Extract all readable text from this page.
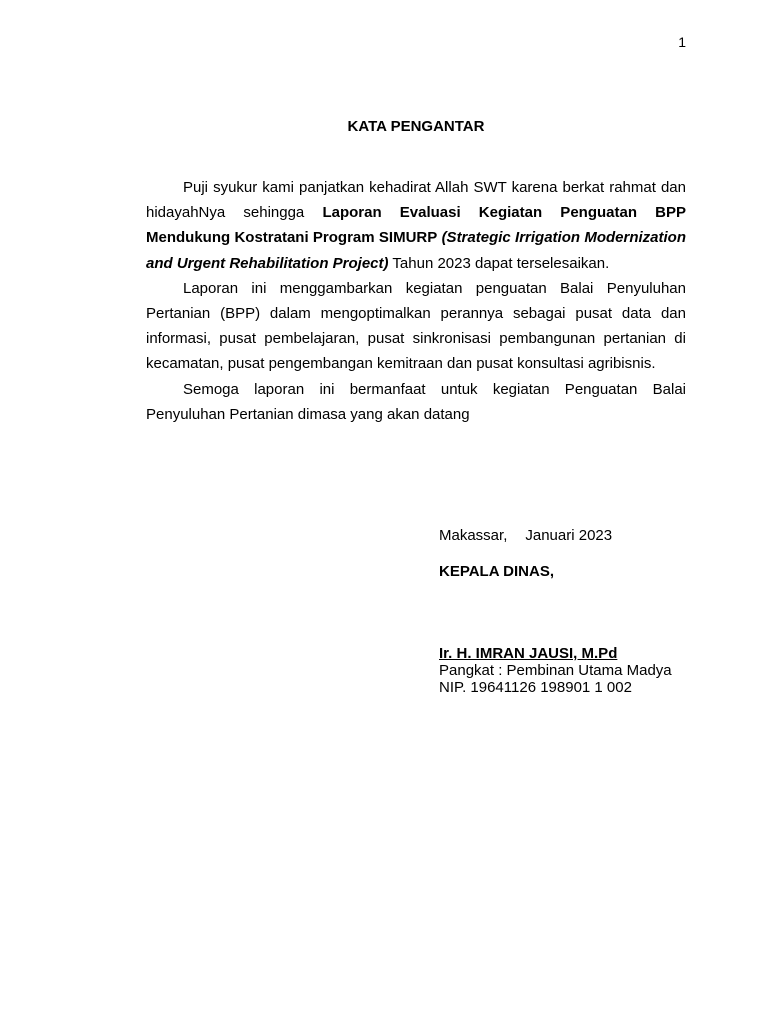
1
KATA PENGANTAR

Puji syukur kami panjatkan kehadirat Allah SWT karena berkat rahmat dan hidayahNya sehingga Laporan Evaluasi Kegiatan Penguatan BPP Mendukung Kostratani Program SIMURP (Strategic Irrigation Modernization and Urgent Rehabilitation Project) Tahun 2023 dapat terselesaikan.

Laporan ini menggambarkan kegiatan penguatan Balai Penyuluhan Pertanian (BPP) dalam mengoptimalkan perannya sebagai pusat data dan informasi, pusat pembelajaran, pusat sinkronisasi pembangunan pertanian di kecamatan, pusat pengembangan kemitraan dan pusat konsultasi agribisnis.

Semoga laporan ini bermanfaat untuk kegiatan Penguatan Balai Penyuluhan Pertanian dimasa yang akan datang

Makassar, Januari 2023
KEPALA DINAS,
Ir. H. IMRAN JAUSI, M.Pd
Pangkat : Pembinan Utama Madya
NIP. 19641126 198901 1 002
